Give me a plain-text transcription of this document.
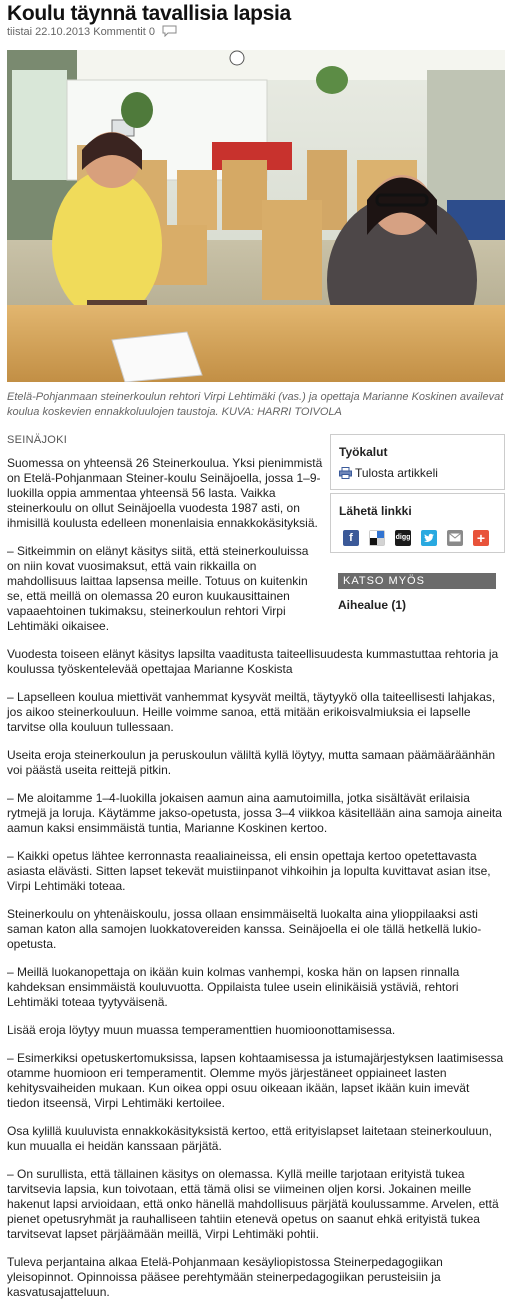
Koulu täynnä tavallisia lapsia
tiistai 22.10.2013 Kommentit 0
Etelä-Pohjanmaan steinerkoulun rehtori Virpi Lehtimäki (vas.) ja opettaja Marianne Koskinen availevat koulua koskevien ennakkoluulojen taustoja. KUVA: HARRI TOIVOLA
SEINÄJOKI

Suomessa on yhteensä 26 Steinerkoulua. Yksi pienimmistä on Etelä-Pohjanmaan Steiner-koulu Seinäjoella, jossa 1–9-luokilla oppia ammentaa yhteensä 56 lasta. Vaikka steinerkoulu on ollut Seinäjoella vuodesta 1987 asti, on ihmisillä koulusta edelleen monenlaisia ennakkokäsityksiä.

– Sitkeimmin on elänyt käsitys siitä, että steinerkouluissa on niin kovat vuosimaksut, että vain rikkailla on mahdollisuus laittaa lapsensa meille. Totuus on kuitenkin se, että meillä on olemassa 20 euron kuukausittainen vapaaehtoinen tukimaksu, steinerkoulun rehtori Virpi Lehtimäki oikaisee.

Vuodesta toiseen elänyt käsitys lapsilta vaaditusta taiteellisuudesta kummastuttaa rehtoria ja koulussa työskentelevää opettajaa Marianne Koskista

– Lapselleen koulua miettivät vanhemmat kysyvät meiltä, täytyykö olla taiteellisesti lahjakas, jos aikoo steinerkouluun. Heille voimme sanoa, että mitään erikoisvalmiuksia ei lapselle tarvitse olla kouluun tullessaan.

Useita eroja steinerkoulun ja peruskoulun väliltä kyllä löytyy, mutta samaan päämääräänhän voi päästä useita reittejä pitkin.

– Me aloitamme 1–4-luokilla jokaisen aamun aina aamutoimilla, jotka sisältävät erilaisia rytmejä ja loruja. Käytämme jakso-opetusta, jossa 3–4 viikkoa käsitellään aina samoja aineita aamun kaksi ensimmäistä tuntia, Marianne Koskinen kertoo.

– Kaikki opetus lähtee kerronnasta reaaliaineissa, eli ensin opettaja kertoo opetettavasta asiasta elävästi. Sitten lapset tekevät muistiinpanot vihkoihin ja lopulta kuvittavat asian itse, Virpi Lehtimäki toteaa.

Steinerkoulu on yhtenäiskoulu, jossa ollaan ensimmäiseltä luokalta aina ylioppilaaksi asti saman katon alla samojen luokkatovereiden kanssa. Seinäjoella ei ole tällä hetkellä lukio-opetusta.

– Meillä luokanopettaja on ikään kuin kolmas vanhempi, koska hän on lapsen rinnalla kahdeksan ensimmäistä kouluvuotta. Oppilaista tulee usein elinikäisiä ystäviä, rehtori Lehtimäki toteaa tyytyväisenä.

Lisää eroja löytyy muun muassa temperamenttien huomioonottamisessa.

– Esimerkiksi opetuskertomuksissa, lapsen kohtaamisessa ja istumajärjestyksen laatimisessa otamme huomioon eri temperamentit. Olemme myös järjestäneet oppiaineet lasten kehitysvaiheiden mukaan. Kun oikea oppi osuu oikeaan ikään, lapset ikään kuin imevät tiedon itseensä, Virpi Lehtimäki kertoilee.

Osa kylillä kuuluvista ennakkokäsityksistä kertoo, että erityislapset laitetaan steinerkouluun, kun muualla ei heidän kanssaan pärjätä.

– On surullista, että tällainen käsitys on olemassa. Kyllä meille tarjotaan erityistä tukea tarvitsevia lapsia, kun toivotaan, että tämä olisi se viimeinen oljen korsi. Jokainen meille hakenut lapsi arvioidaan, että onko hänellä mahdollisuus pärjätä koulussamme. Arvelen, että pienet opetusryhmät ja rauhalliseen tahtiin etenevä opetus on saanut ehkä erityistä tukea tarvitsevat lapset pärjäämään meillä, Virpi Lehtimäki pohtii.

Tuleva perjantaina alkaa Etelä-Pohjanmaan kesäyliopistossa Steinerpedagogiikan yleisopinnot. Opinnoissa pääsee perehtymään steinerpedagogiikan perusteisiin ja kasvatusajatteluun.

Työkalut
Tulosta artikkeli
Lähetä linkki
f	digg	+
KATSO MYÖS
Aihealue (1)
